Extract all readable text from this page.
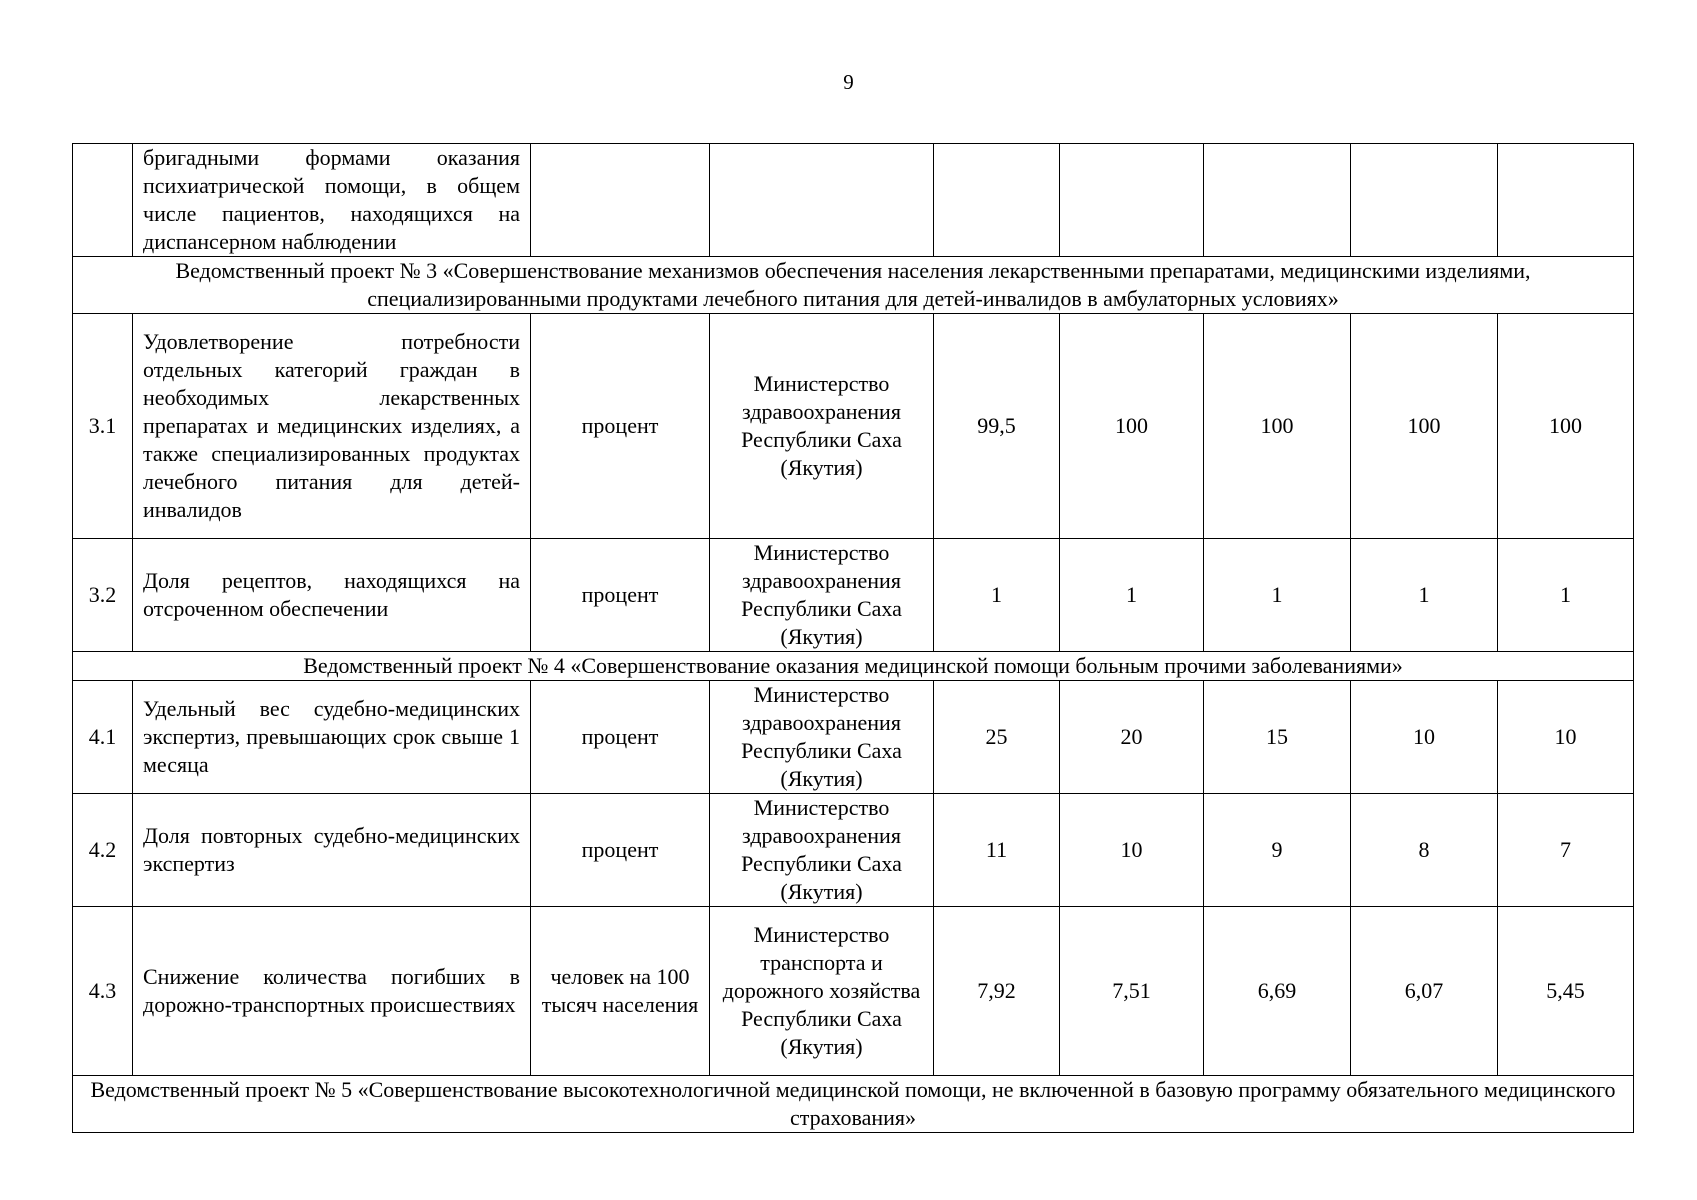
9
	бригадными формами оказания психиатрической помощи, в общем числе пациентов, находящихся на диспансерном наблюдении							
Ведомственный проект № 3 «Совершенствование механизмов обеспечения населения лекарственными препаратами, медицинскими изделиями, специализированными продуктами лечебного питания для детей-инвалидов в амбулаторных условиях»								
3.1	Удовлетворение потребности отдельных категорий граждан в необходимых лекарственных препаратах и медицинских изделиях, а также специализированных продуктах лечебного питания для детей-инвалидов	процент	Министерство здравоохранения Республики Саха (Якутия)	99,5	100	100	100	100
3.2	Доля рецептов, находящихся на отсроченном обеспечении	процент	Министерство здравоохранения Республики Саха (Якутия)	1	1	1	1	1
Ведомственный проект № 4 «Совершенствование оказания медицинской помощи больным прочими заболеваниями»								
4.1	Удельный вес судебно-медицинских экспертиз, превышающих срок свыше 1 месяца	процент	Министерство здравоохранения Республики Саха (Якутия)	25	20	15	10	10
4.2	Доля повторных судебно-медицинских экспертиз	процент	Министерство здравоохранения Республики Саха (Якутия)	11	10	9	8	7
4.3	Снижение количества погибших в дорожно-транспортных происшествиях	человек на 100 тысяч населения	Министерство транспорта и дорожного хозяйства Республики Саха (Якутия)	7,92	7,51	6,69	6,07	5,45
Ведомственный проект № 5 «Совершенствование высокотехнологичной медицинской помощи, не включенной в базовую программу обязательного медицинского страхования»								
